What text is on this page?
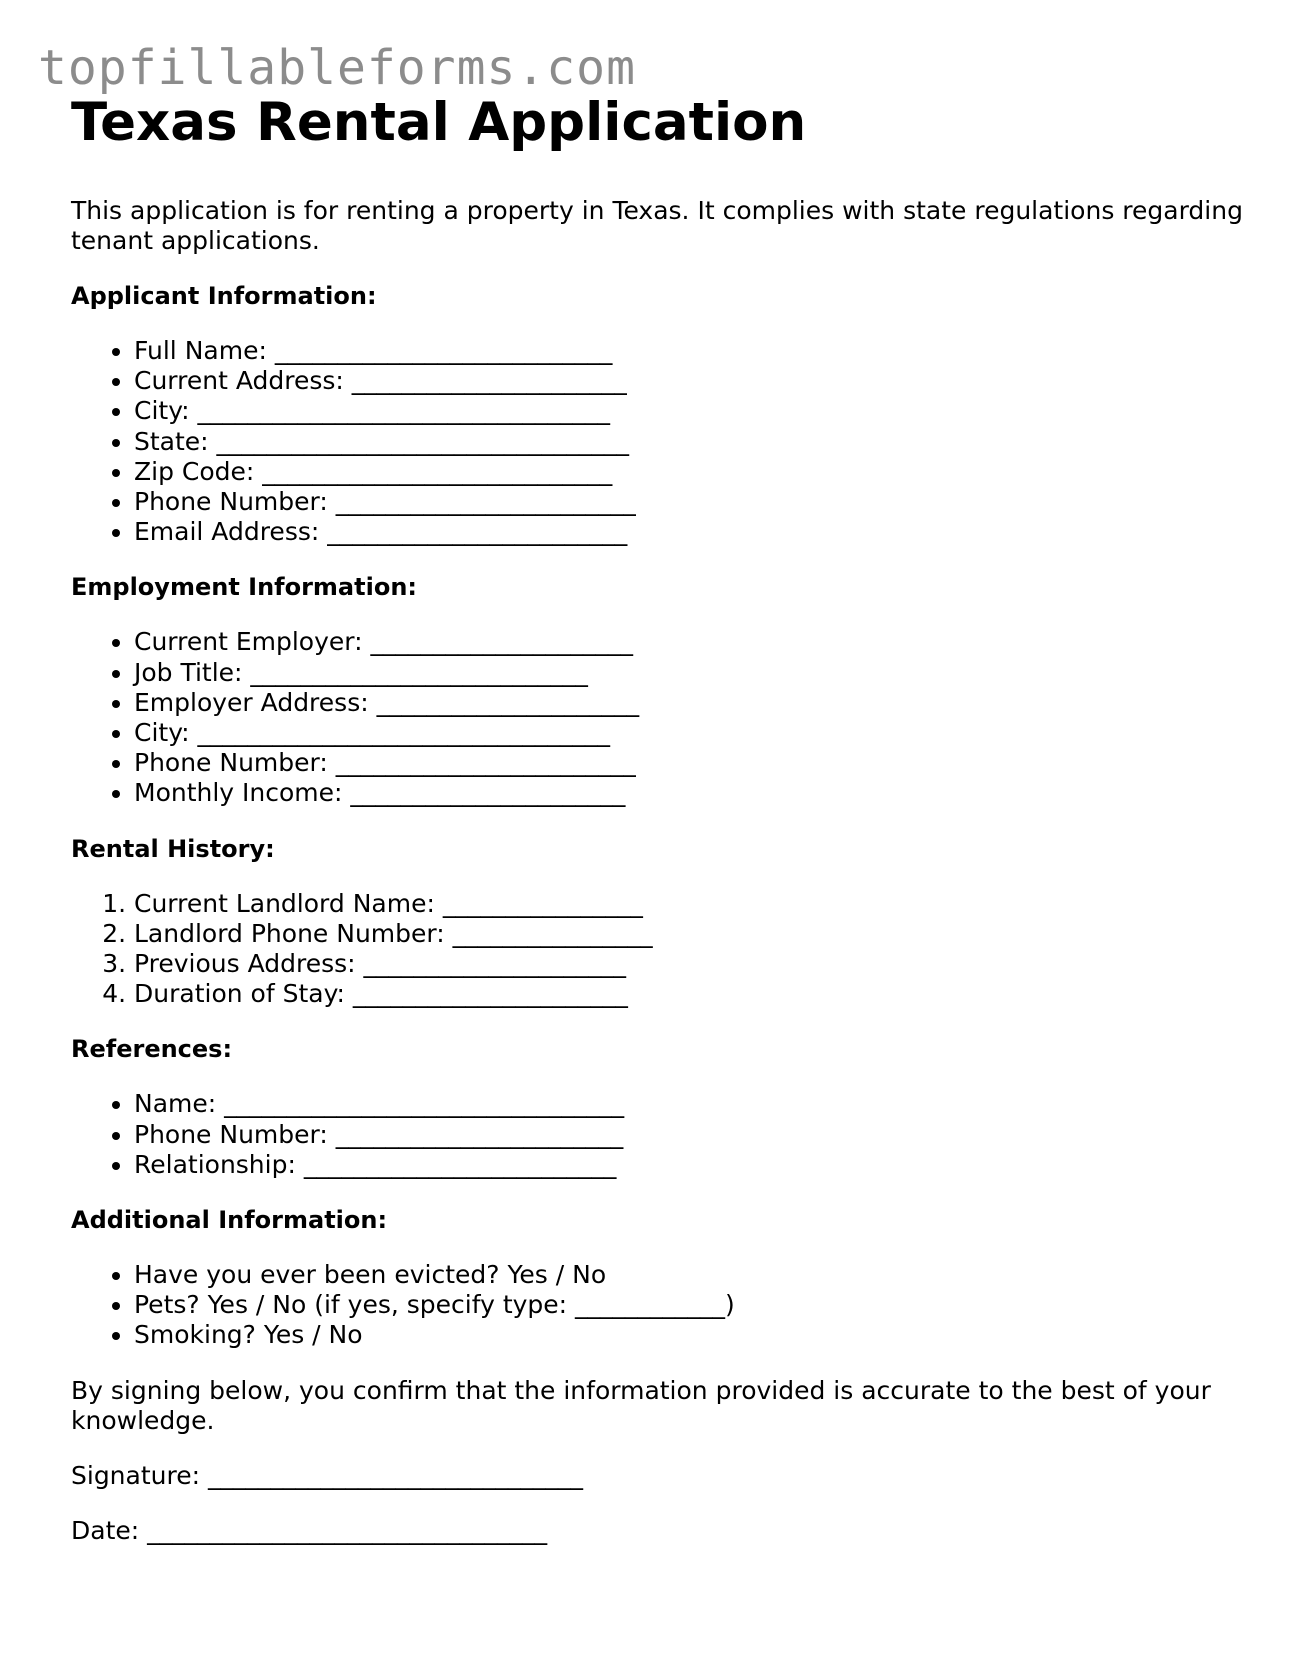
topfillableforms.com
Texas Rental Application

This application is for renting a property in Texas. It complies with state regulations regarding tenant applications.

Applicant Information:
• Full Name: ___________________________
• Current Address: ______________________
• City: _________________________________
• State: _________________________________
• Zip Code: ____________________________
• Phone Number: ________________________
• Email Address: ________________________
Employment Information:
• Current Employer: _____________________
• Job Title: ___________________________
• Employer Address: _____________________
• City: _________________________________
• Phone Number: ________________________
• Monthly Income: ______________________
Rental History:
1. Current Landlord Name: ________________
2. Landlord Phone Number: ________________
3. Previous Address: _____________________
4. Duration of Stay: ______________________
References:
• Name: ________________________________
• Phone Number: _______________________
• Relationship: _________________________
Additional Information:
• Have you ever been evicted? Yes / No
• Pets? Yes / No (if yes, specify type: ____________)
• Smoking? Yes / No

By signing below, you confirm that the information provided is accurate to the best of your knowledge.

Signature: ______________________________

Date: ________________________________
